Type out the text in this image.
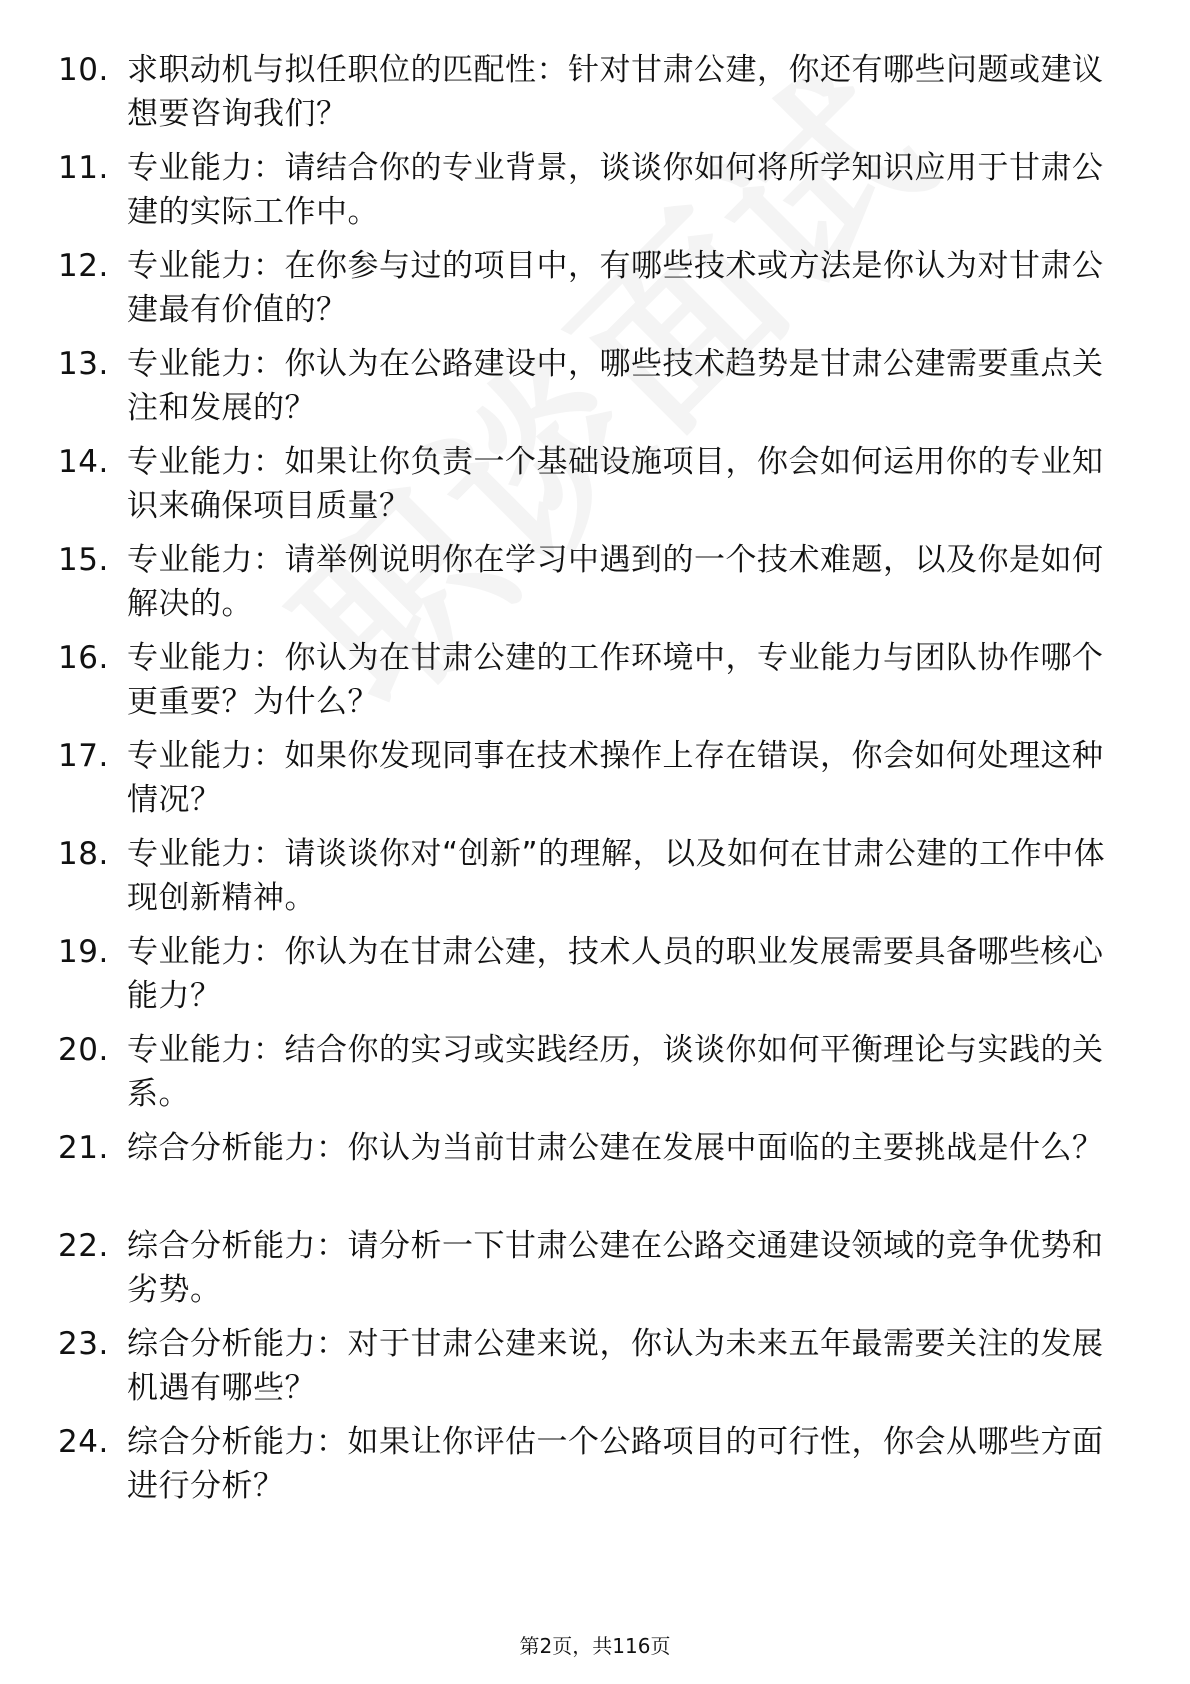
10. 求职动机与拟任职位的匹配性：针对甘肃公建，你还有哪些问题或建议想要咨询我们？
11. 专业能力：请结合你的专业背景，谈谈你如何将所学知识应用于甘肃公建的实际工作中。
12. 专业能力：在你参与过的项目中，有哪些技术或方法是你认为对甘肃公建最有价值的？
13. 专业能力：你认为在公路建设中，哪些技术趋势是甘肃公建需要重点关注和发展的？
14. 专业能力：如果让你负责一个基础设施项目，你会如何运用你的专业知识来确保项目质量？
15. 专业能力：请举例说明你在学习中遇到的一个技术难题，以及你是如何解决的。
16. 专业能力：你认为在甘肃公建的工作环境中，专业能力与团队协作哪个更重要？为什么？
17. 专业能力：如果你发现同事在技术操作上存在错误，你会如何处理这种情况？
18. 专业能力：请谈谈你对“创新”的理解，以及如何在甘肃公建的工作中体现创新精神。
19. 专业能力：你认为在甘肃公建，技术人员的职业发展需要具备哪些核心能力？
20. 专业能力：结合你的实习或实践经历，谈谈你如何平衡理论与实践的关系。
21. 综合分析能力：你认为当前甘肃公建在发展中面临的主要挑战是什么？
22. 综合分析能力：请分析一下甘肃公建在公路交通建设领域的竞争优势和劣势。
23. 综合分析能力：对于甘肃公建来说，你认为未来五年最需要关注的发展机遇有哪些？
24. 综合分析能力：如果让你评估一个公路项目的可行性，你会从哪些方面进行分析？
第2页，共116页
